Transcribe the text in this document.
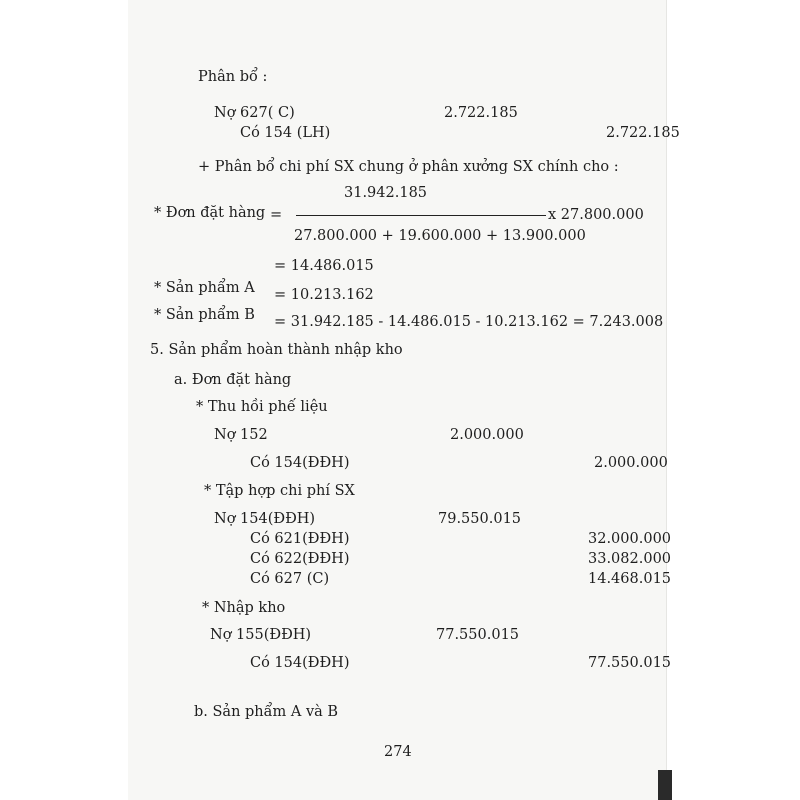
Phân bổ :
Nợ 627( C)	2.722.185
Có 154 (LH)	2.722.185
+ Phân bổ chi phí SX chung ở phân xưởng SX chính cho :
31.942.185
* Đơn đặt hàng =	x 27.800.000
27.800.000 + 19.600.000 + 13.900.000
= 14.486.015
* Sản phẩm A = 10.213.162
* Sản phẩm B = 31.942.185 - 14.486.015 - 10.213.162 = 7.243.008
5. Sản phẩm hoàn thành nhập kho
a. Đơn đặt hàng
* Thu hồi phế liệu
Nợ 152	2.000.000
Có 154(ĐĐH)	2.000.000
* Tập hợp chi phí SX
Nợ 154(ĐĐH)	79.550.015
Có 621(ĐĐH)	32.000.000
Có 622(ĐĐH)	33.082.000
Có 627 (C)	14.468.015
* Nhập kho
Nợ 155(ĐĐH)	77.550.015
Có 154(ĐĐH)	77.550.015
b. Sản phẩm A và B
274
